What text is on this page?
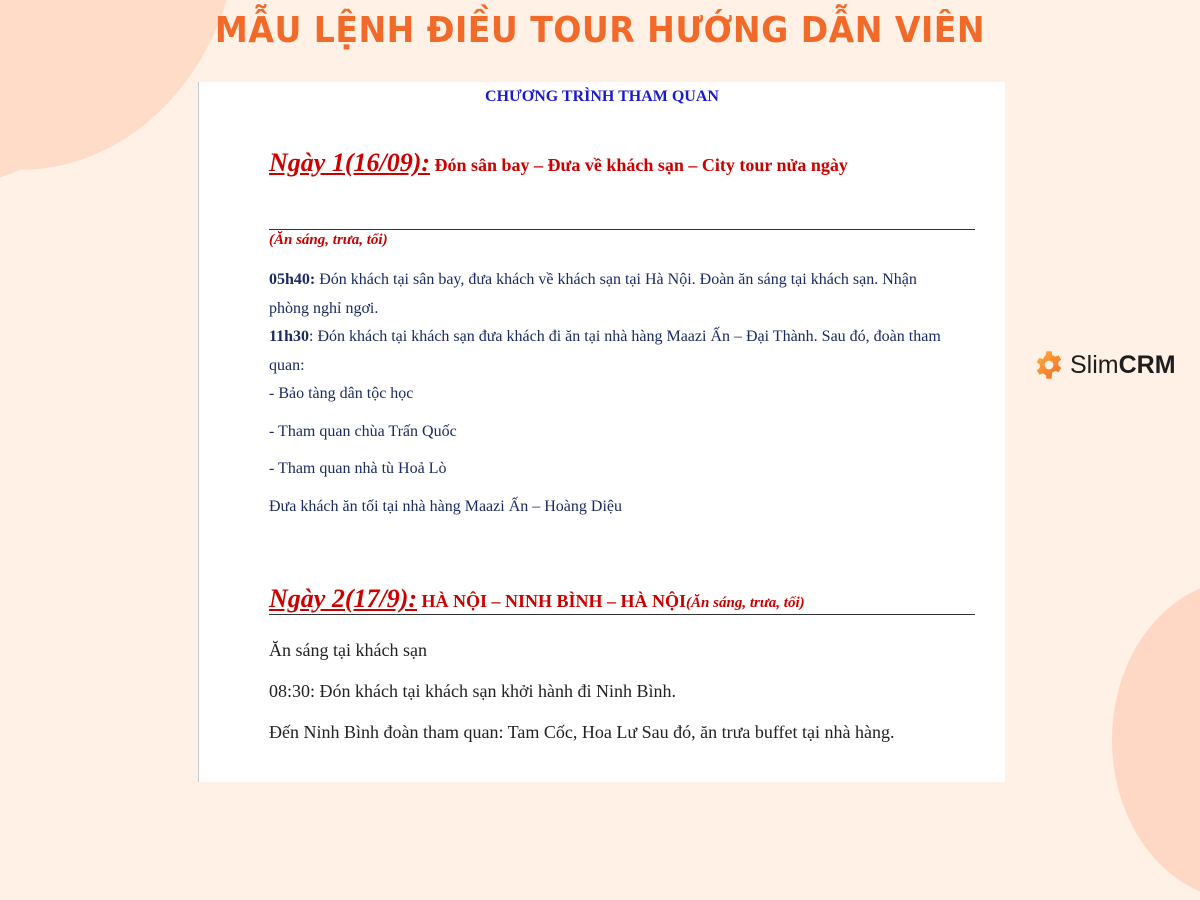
MẪU LỆNH ĐIỀU TOUR HƯỚNG DẪN VIÊN
Slim CRM
CHƯƠNG TRÌNH THAM QUAN
Ngày 1(16/09): Đón sân bay – Đưa về khách sạn – City tour nửa ngày
(Ăn sáng, trưa, tối)
05h40: Đón khách tại sân bay, đưa khách về khách sạn tại Hà Nội. Đoàn ăn sáng tại khách sạn. Nhận
phòng nghỉ ngơi.
11h30: Đón khách tại khách sạn đưa khách đi ăn tại nhà hàng Maazi Ấn – Đại Thành. Sau đó, đoàn tham
quan:
- Bảo tàng dân tộc học
- Tham quan chùa Trấn Quốc
- Tham quan nhà tù Hoả Lò
Đưa khách ăn tối tại nhà hàng Maazi Ấn – Hoàng Diệu
Ngày 2(17/9): HÀ NỘI – NINH BÌNH – HÀ NỘI(Ăn sáng, trưa, tối)
Ăn sáng tại khách sạn
08:30: Đón khách tại khách sạn khởi hành đi Ninh Bình.
Đến Ninh Bình đoàn tham quan: Tam Cốc, Hoa Lư Sau đó, ăn trưa buffet tại nhà hàng.
